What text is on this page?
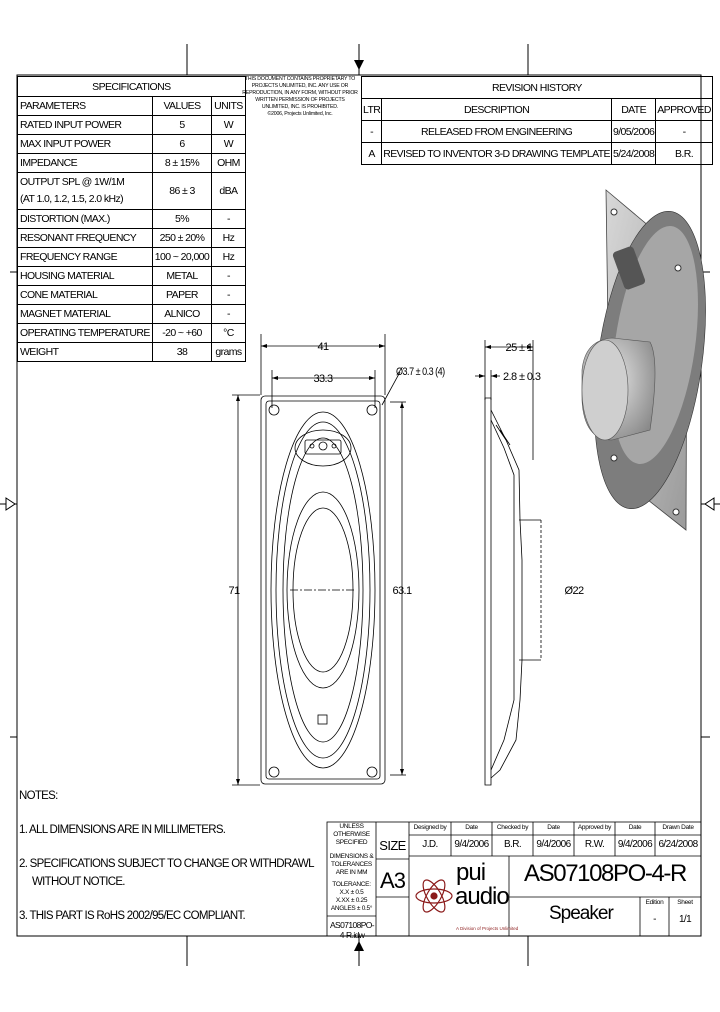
SPECIFICATIONS		
PARAMETERS	VALUES	UNITS
RATED INPUT POWER	5	W
MAX INPUT POWER	6	W
IMPEDANCE	8 ± 15%	OHM
OUTPUT SPL @ 1W/1M
(AT 1.0, 1.2, 1.5, 2.0 kHz)	86 ± 3	dBA
DISTORTION (MAX.)	5%	-
RESONANT FREQUENCY	250 ± 20%	Hz
FREQUENCY RANGE	100 ~ 20,000	Hz
HOUSING MATERIAL	METAL	-
CONE MATERIAL	PAPER	-
MAGNET MATERIAL	ALNICO	-
OPERATING TEMPERATURE	-20 ~ +60	°C
WEIGHT	38	grams
THIS DOCUMENT CONTAINS PROPRIETARY TO PROJECTS UNLIMITED, INC. ANY USE OR REPRODUCTION, IN ANY FORM, WITHOUT PRIOR WRITTEN PERMISSION OF PROJECTS UNLIMITED, INC. IS PROHIBITED.
©2006, Projects Unlimited, Inc.
REVISION HISTORY			
LTR	DESCRIPTION	DATE	APPROVED
-	RELEASED FROM ENGINEERING	9/05/2006	-
A	REVISED TO INVENTOR 3-D DRAWING TEMPLATE	5/24/2008	B.R.
41
33.3
71	63.1
Ø3.7 ± 0.3 (4)
25 ± 1
2.8 ± 0.3
Ø22
NOTES:
1. ALL DIMENSIONS ARE IN MILLIMETERS.
2. SPECIFICATIONS SUBJECT TO CHANGE OR WITHDRAWL
WITHOUT NOTICE.
3. THIS PART IS RoHS 2002/95/EC COMPLIANT.
UNLESS OTHERWISE
SPECIFIED
DIMENSIONS &
TOLERANCES
ARE IN MM
TOLERANCE:
X.X ± 0.5
X.XX ± 0.25
ANGLES ± 0.5°
AS07108PO-4-R.idw
Designed by	Date	Checked by	Date	Approved by	Date	Drawn Date
J.D.	9/4/2006	B.R.	9/4/2006	R.W.	9/4/2006 6/24/2008
SIZE
A3 pui
audio
A Division of Projects Unlimited
AS07108PO-4-R
Speaker
Edition	Sheet
-	1/1
